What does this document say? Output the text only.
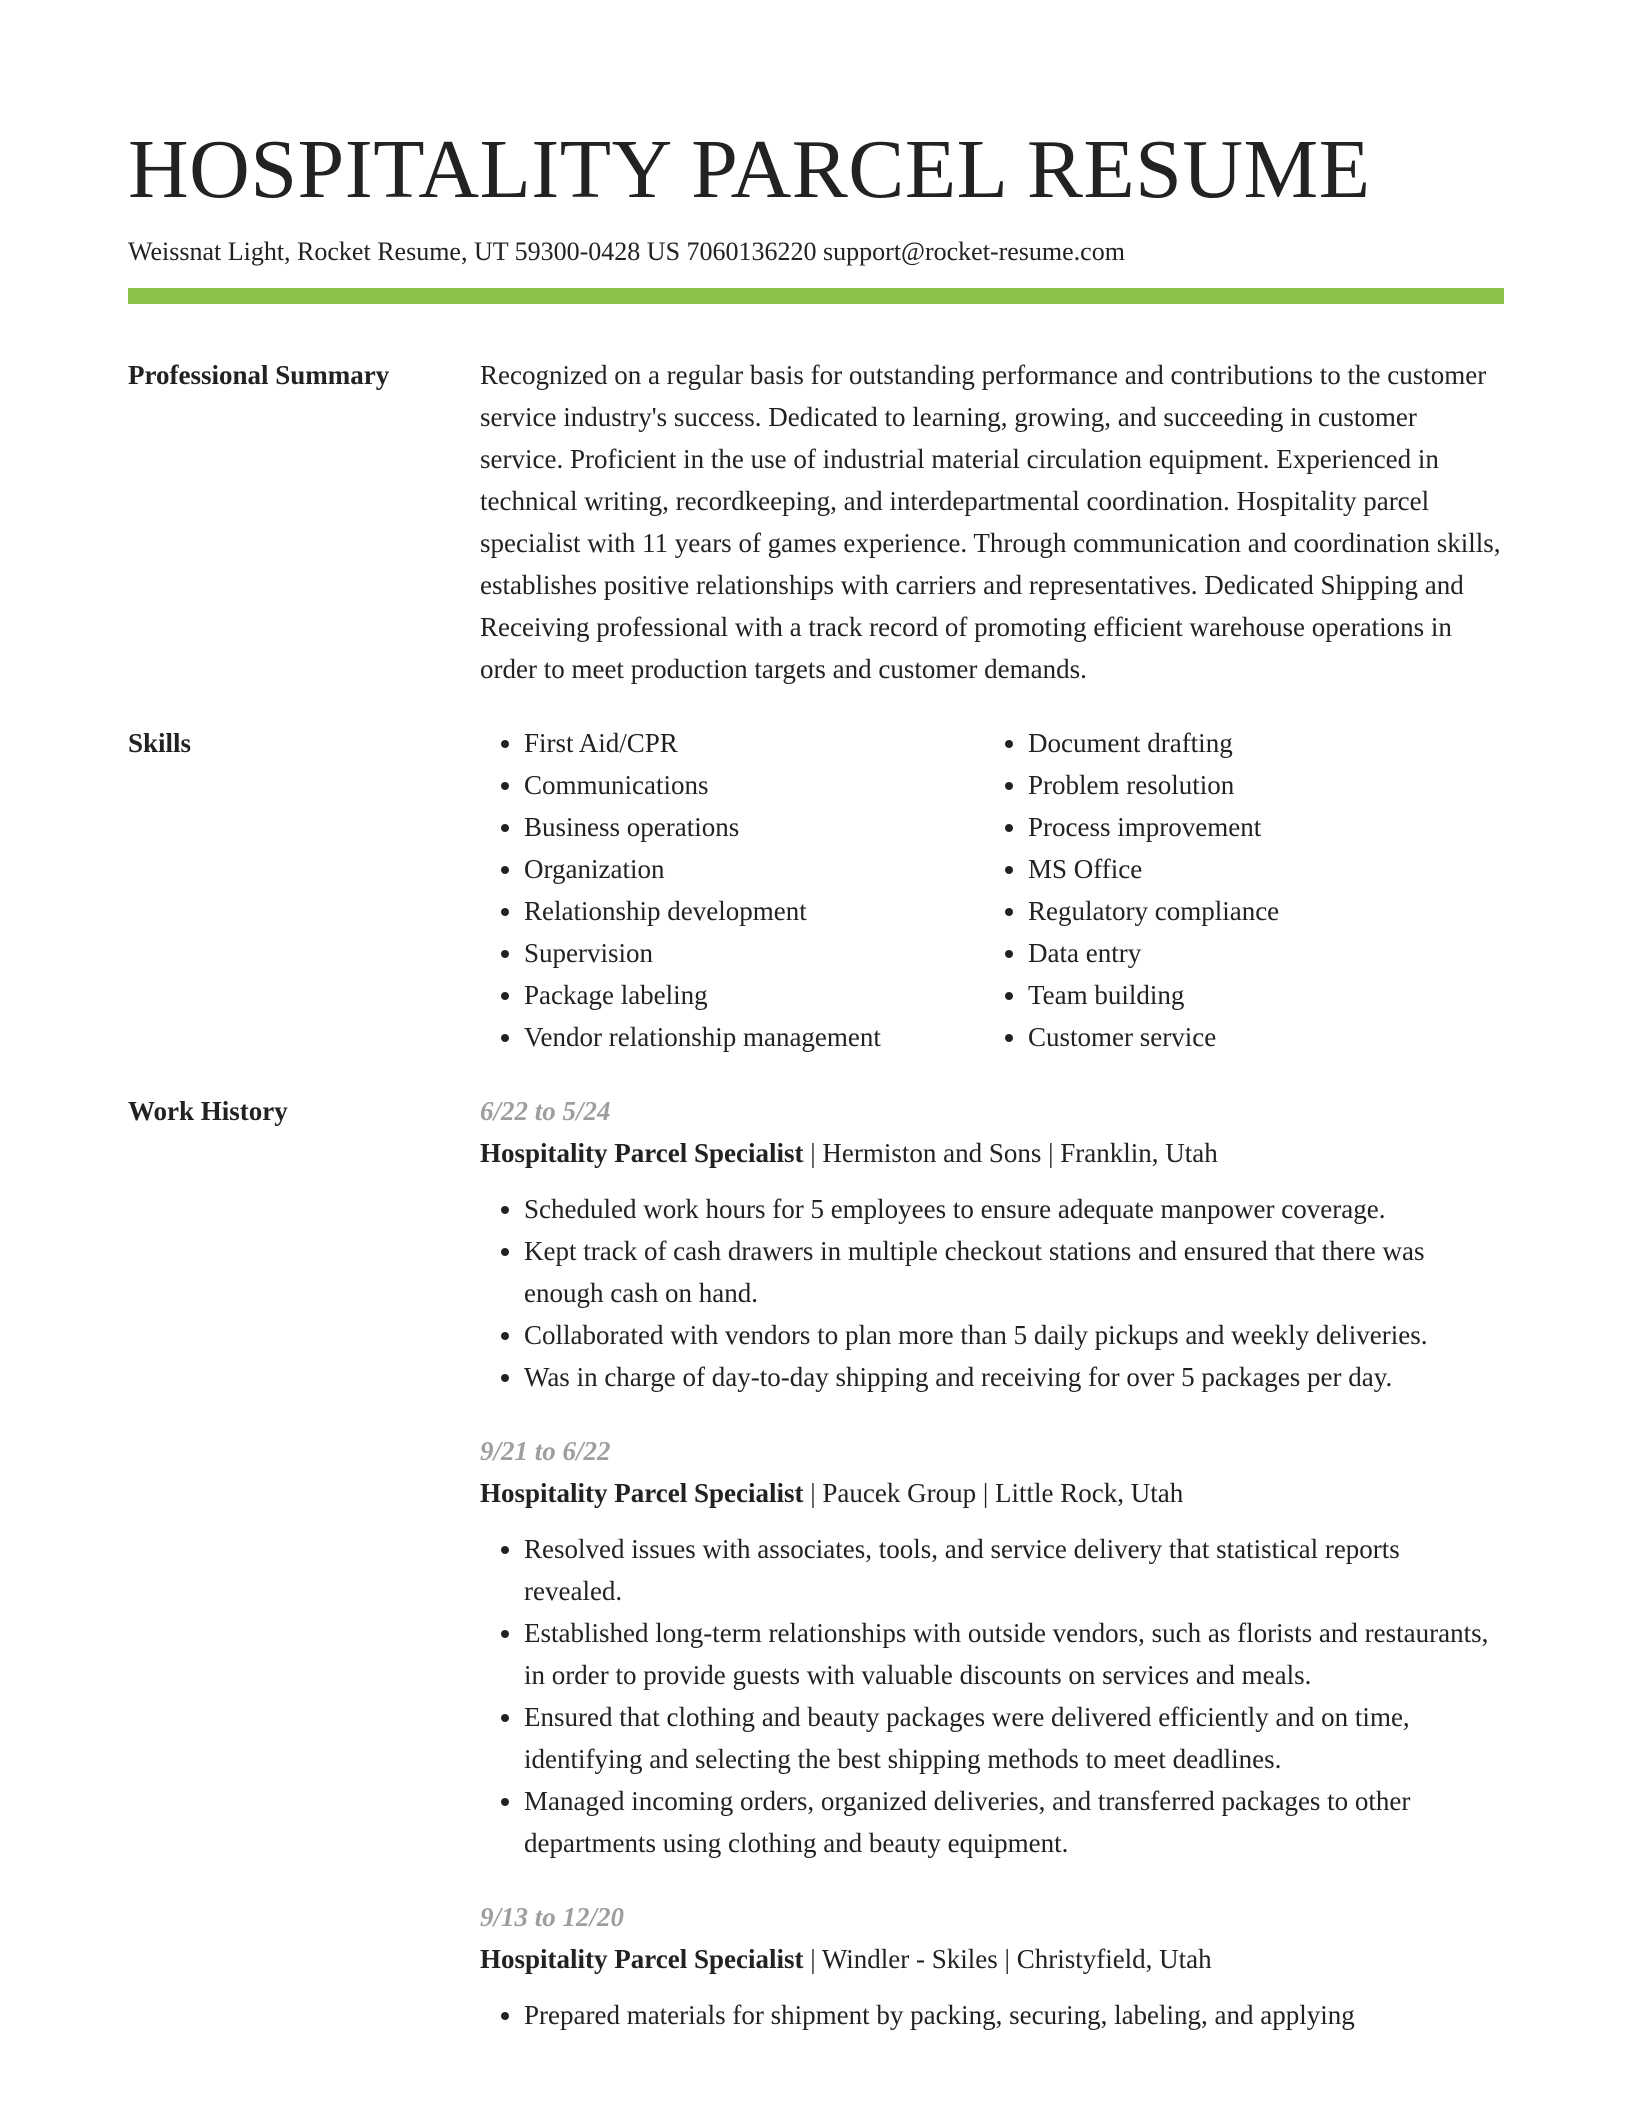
HOSPITALITY PARCEL RESUME
Weissnat Light, Rocket Resume, UT 59300-0428 US 7060136220 support@rocket-resume.com
Professional Summary	Recognized on a regular basis for outstanding performance and contributions to the customer service industry's success. Dedicated to learning, growing, and succeeding in customer service. Proficient in the use of industrial material circulation equipment. Experienced in technical writing, recordkeeping, and interdepartmental coordination. Hospitality parcel specialist with 11 years of games experience. Through communication and coordination skills, establishes positive relationships with carriers and representatives. Dedicated Shipping and Receiving professional with a track record of promoting efficient warehouse operations in order to meet production targets and customer demands.
Skills
•	First Aid/CPR
• Communications
• Business operations
• Organization
• Relationship development
• Supervision
• Package labeling
• Vendor relationship management
• Document drafting
• Problem resolution
• Process improvement
• MS Office
• Regulatory compliance
• Data entry
• Team building
• Customer service
Work History	6/22 to 5/24
Hospitality Parcel Specialist | Hermiston and Sons | Franklin, Utah
• Scheduled work hours for 5 employees to ensure adequate manpower coverage.
• Kept track of cash drawers in multiple checkout stations and ensured that there was enough cash on hand.
• Collaborated with vendors to plan more than 5 daily pickups and weekly deliveries.
• Was in charge of day-to-day shipping and receiving for over 5 packages per day.
9/21 to 6/22
Hospitality Parcel Specialist | Paucek Group | Little Rock, Utah
• Resolved issues with associates, tools, and service delivery that statistical reports revealed.
• Established long-term relationships with outside vendors, such as florists and restaurants, in order to provide guests with valuable discounts on services and meals.
• Ensured that clothing and beauty packages were delivered efficiently and on time, identifying and selecting the best shipping methods to meet deadlines.
• Managed incoming orders, organized deliveries, and transferred packages to other departments using clothing and beauty equipment.
9/13 to 12/20
Hospitality Parcel Specialist | Windler - Skiles | Christyfield, Utah
• Prepared materials for shipment by packing, securing, labeling, and applying
